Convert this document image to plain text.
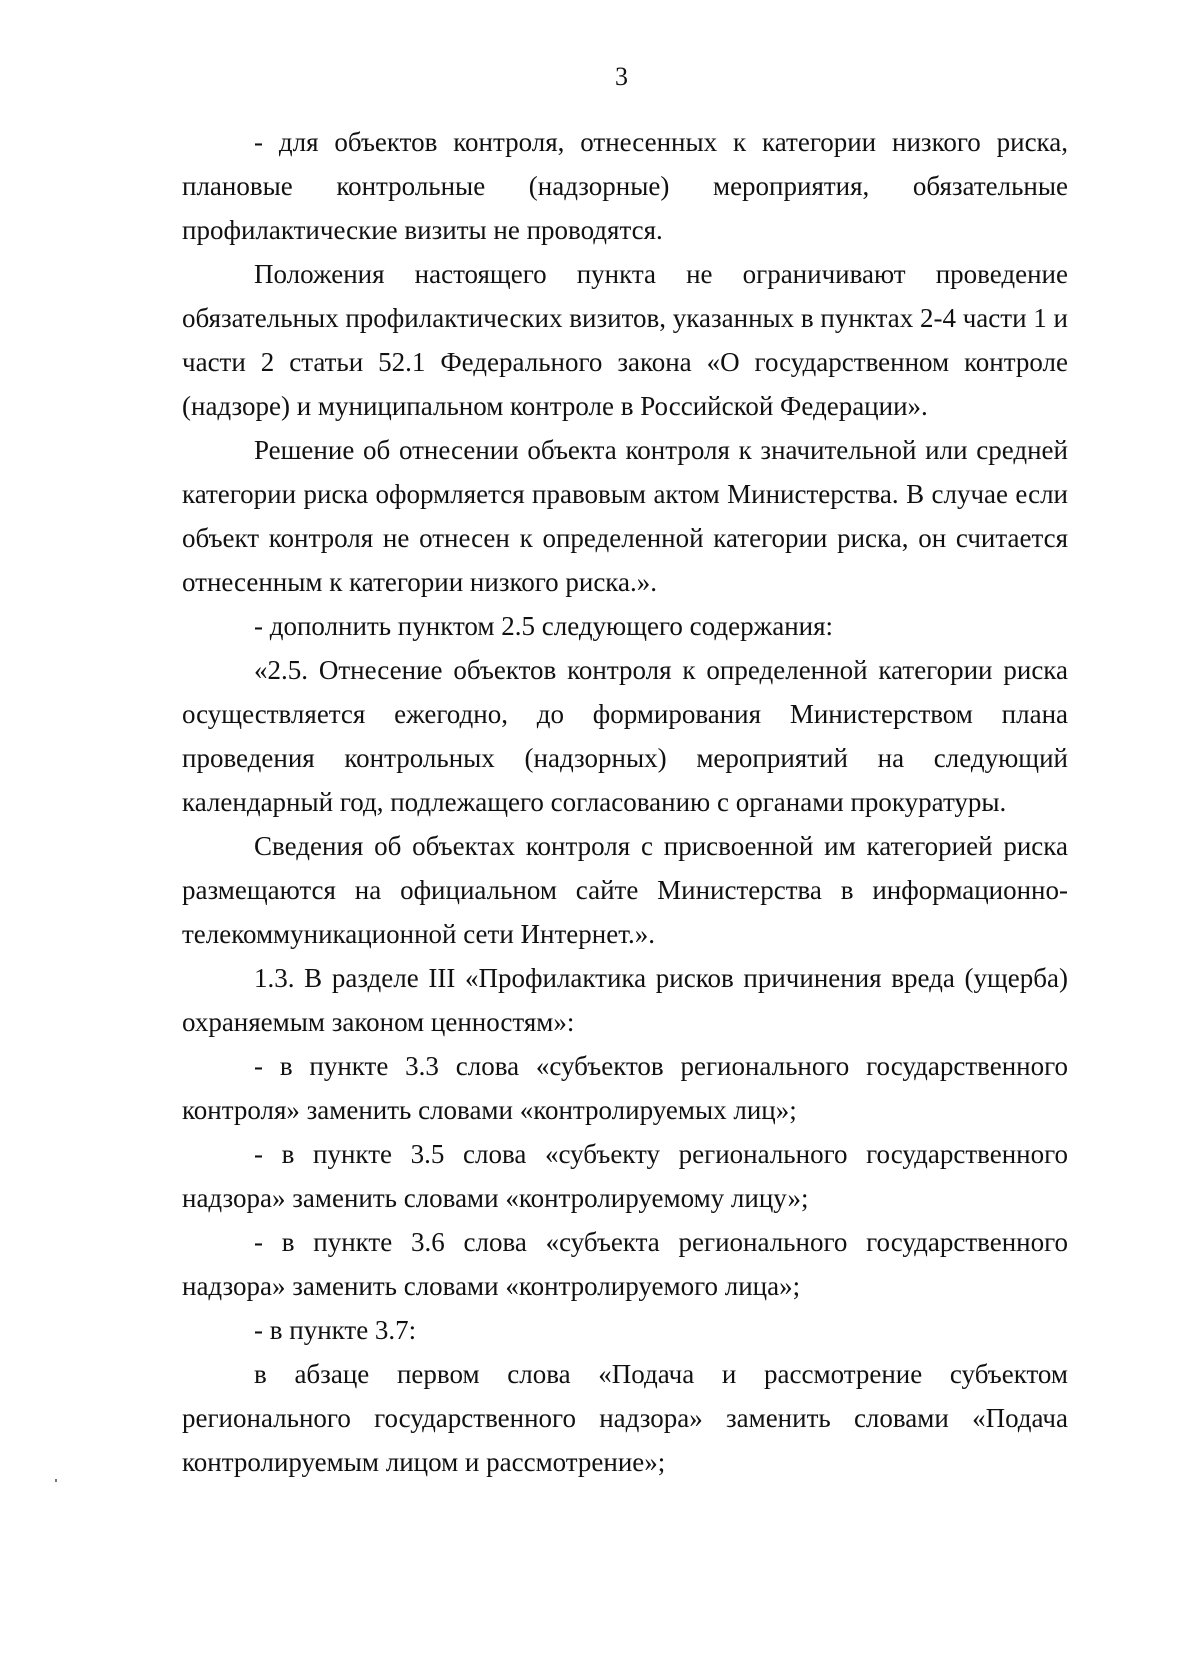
3

- для объектов контроля, отнесенных к категории низкого риска, плановые контрольные (надзорные) мероприятия, обязательные профилактические визиты не проводятся.

Положения настоящего пункта не ограничивают проведение обязательных профилактических визитов, указанных в пунктах 2-4 части 1 и части 2 статьи 52.1 Федерального закона «О государственном контроле (надзоре) и муниципальном контроле в Российской Федерации».

Решение об отнесении объекта контроля к значительной или средней категории риска оформляется правовым актом Министерства. В случае если объект контроля не отнесен к определенной категории риска, он считается отнесенным к категории низкого риска.».

- дополнить пунктом 2.5 следующего содержания:

«2.5. Отнесение объектов контроля к определенной категории риска осуществляется ежегодно, до формирования Министерством плана проведения контрольных (надзорных) мероприятий на следующий календарный год, подлежащего согласованию с органами прокуратуры.

Сведения об объектах контроля с присвоенной им категорией риска размещаются на официальном сайте Министерства в информационно-телекоммуникационной сети Интернет.».

1.3. В разделе III «Профилактика рисков причинения вреда (ущерба) охраняемым законом ценностям»:

- в пункте 3.3 слова «субъектов регионального государственного контроля» заменить словами «контролируемых лиц»;

- в пункте 3.5 слова «субъекту регионального государственного надзора» заменить словами «контролируемому лицу»;

- в пункте 3.6 слова «субъекта регионального государственного надзора» заменить словами «контролируемого лица»;

- в пункте 3.7:

в абзаце первом слова «Подача и рассмотрение субъектом регионального государственного надзора» заменить словами «Подача контролируемым лицом и рассмотрение»;
